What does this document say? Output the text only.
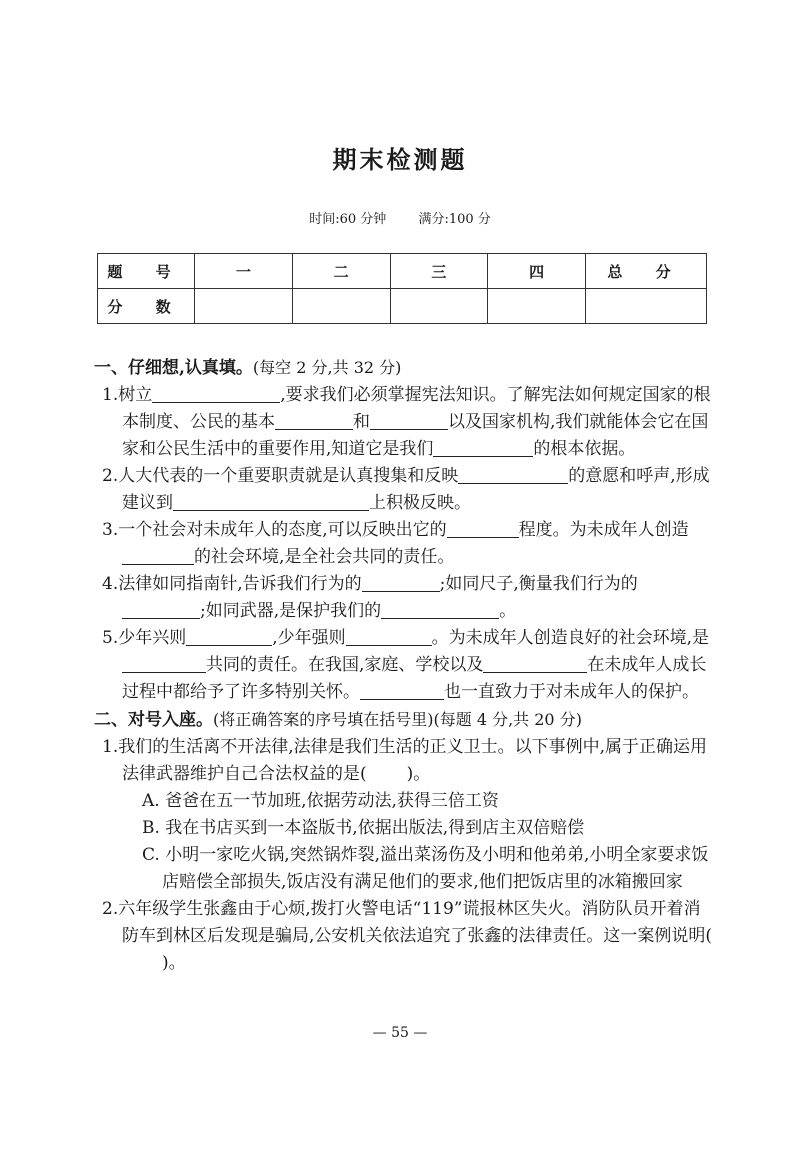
期末检测题
时间:60 分钟 满分:100 分
题 号	一	二	三	四	总 分
分 数					
一、仔细想,认真填。(每空 2 分,共 32 分)
1.树立	,要求我们必须掌握宪法知识。了解宪法如何规定国家的根本制度、公民的基本	和	以及国家机构,我们就能体会它在国家和公民生活中的重要作用,知道它是我们	的根本依据。
2.人大代表的一个重要职责就是认真搜集和反映	的意愿和呼声,形成建议到	上积极反映。
3.一个社会对未成年人的态度,可以反映出它的	程度。为未成年人创造的社会环境,是全社会共同的责任。
4.法律如同指南针,告诉我们行为的	;如同尺子,衡量我们行为的;如同武器,是保护我们的	。
5.少年兴则	,少年强则	。为未成年人创造良好的社会环境,是共同的责任。在我国,家庭、学校以及	在未成年人成长过程中都给予了许多特别关怀。	也一直致力于对未成年人的保护。
二、对号入座。(将正确答案的序号填在括号里)(每题 4 分,共 20 分)
1.我们的生活离不开法律,法律是我们生活的正义卫士。以下事例中,属于正确运用法律武器维护自己合法权益的是( )。
A. 爸爸在五一节加班,依据劳动法,获得三倍工资
B. 我在书店买到一本盗版书,依据出版法,得到店主双倍赔偿
C. 小明一家吃火锅,突然锅炸裂,溢出菜汤伤及小明和他弟弟,小明全家要求饭店赔偿全部损失,饭店没有满足他们的要求,他们把饭店里的冰箱搬回家
2.六年级学生张鑫由于心烦,拨打火警电话“119”谎报林区失火。消防队员开着消防车到林区后发现是骗局,公安机关依法追究了张鑫的法律责任。这一案例说明()。
— 55 —
